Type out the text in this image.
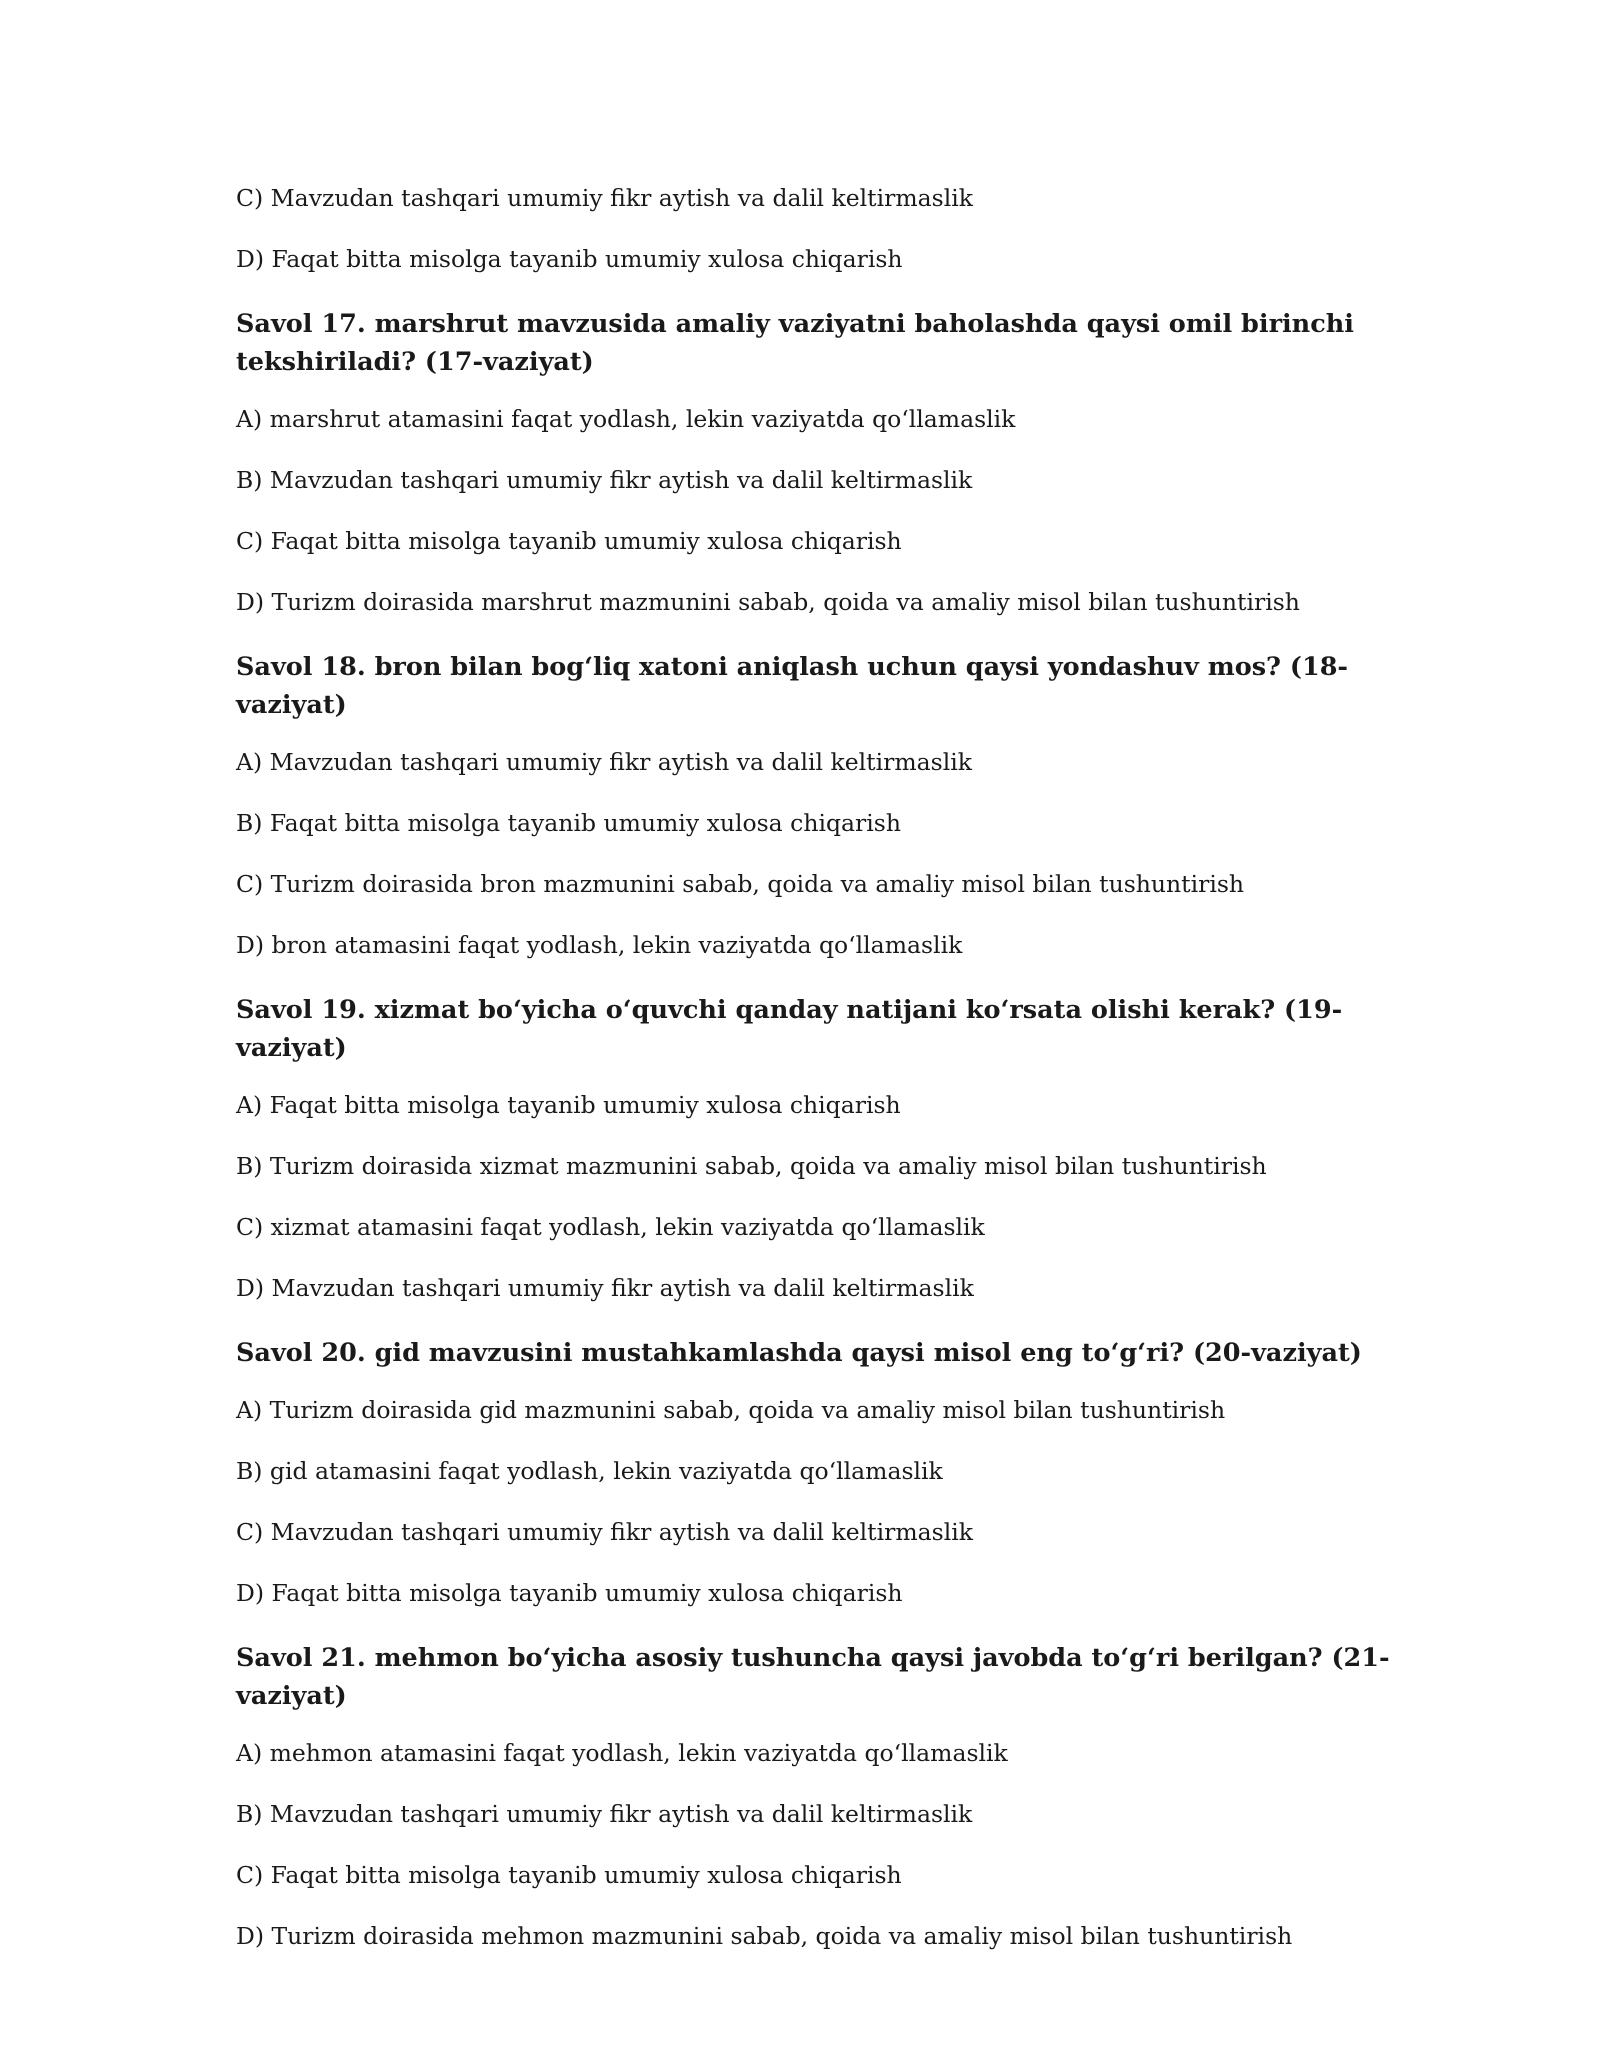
C) Mavzudan tashqari umumiy fikr aytish va dalil keltirmaslik

D) Faqat bitta misolga tayanib umumiy xulosa chiqarish

Savol 17. marshrut mavzusida amaliy vaziyatni baholashda qaysi omil birinchi tekshiriladi? (17-vaziyat)

A) marshrut atamasini faqat yodlash, lekin vaziyatda qo‘llamaslik

B) Mavzudan tashqari umumiy fikr aytish va dalil keltirmaslik

C) Faqat bitta misolga tayanib umumiy xulosa chiqarish

D) Turizm doirasida marshrut mazmunini sabab, qoida va amaliy misol bilan tushuntirish

Savol 18. bron bilan bog‘liq xatoni aniqlash uchun qaysi yondashuv mos? (18-vaziyat)

A) Mavzudan tashqari umumiy fikr aytish va dalil keltirmaslik

B) Faqat bitta misolga tayanib umumiy xulosa chiqarish

C) Turizm doirasida bron mazmunini sabab, qoida va amaliy misol bilan tushuntirish

D) bron atamasini faqat yodlash, lekin vaziyatda qo‘llamaslik

Savol 19. xizmat bo‘yicha o‘quvchi qanday natijani ko‘rsata olishi kerak? (19-vaziyat)

A) Faqat bitta misolga tayanib umumiy xulosa chiqarish

B) Turizm doirasida xizmat mazmunini sabab, qoida va amaliy misol bilan tushuntirish

C) xizmat atamasini faqat yodlash, lekin vaziyatda qo‘llamaslik

D) Mavzudan tashqari umumiy fikr aytish va dalil keltirmaslik

Savol 20. gid mavzusini mustahkamlashda qaysi misol eng to‘g‘ri? (20-vaziyat)

A) Turizm doirasida gid mazmunini sabab, qoida va amaliy misol bilan tushuntirish

B) gid atamasini faqat yodlash, lekin vaziyatda qo‘llamaslik

C) Mavzudan tashqari umumiy fikr aytish va dalil keltirmaslik

D) Faqat bitta misolga tayanib umumiy xulosa chiqarish

Savol 21. mehmon bo‘yicha asosiy tushuncha qaysi javobda to‘g‘ri berilgan? (21-vaziyat)

A) mehmon atamasini faqat yodlash, lekin vaziyatda qo‘llamaslik

B) Mavzudan tashqari umumiy fikr aytish va dalil keltirmaslik

C) Faqat bitta misolga tayanib umumiy xulosa chiqarish

D) Turizm doirasida mehmon mazmunini sabab, qoida va amaliy misol bilan tushuntirish
